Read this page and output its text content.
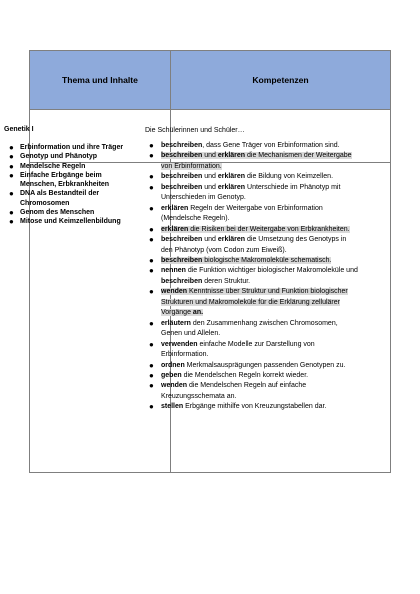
Thema und Inhalte	Kompetenzen
Genetik I
● Erbinformation und ihre Träger
● Genotyp und Phänotyp
● Mendelsche Regeln
● Einfache Erbgänge beim Menschen, Erbkrankheiten
● DNA als Bestandteil der Chromosomen
● Genom des Menschen
● Mitose und Keimzellenbildung
Die Schülerinnen und Schüler…
● beschreiben, dass Gene Träger von Erbinformation sind.
● beschreiben und erklären die Mechanismen der Weitergabe von Erbinformation.
● beschreiben und erklären die Bildung von Keimzellen.
● beschreiben und erklären Unterschiede im Phänotyp mit Unterschieden im Genotyp.
● erklären Regeln der Weitergabe von Erbinformation (Mendelsche Regeln).
● erklären die Risiken bei der Weitergabe von Erbkrankheiten.
● beschreiben und erklären die Umsetzung des Genotyps in den Phänotyp (vom Codon zum Eiweiß).
● beschreiben biologische Makromoleküle schematisch.
● nennen die Funktion wichtiger biologischer Makromoleküle und beschreiben deren Struktur.
● wenden Kenntnisse über Struktur und Funktion biologischer Strukturen und Makromoleküle für die Erklärung zellulärer Vorgänge an.
● erläutern den Zusammenhang zwischen Chromosomen, Genen und Allelen.
● verwenden einfache Modelle zur Darstellung von Erbinformation.
● ordnen Merkmalsausprägungen passenden Genotypen zu.
● geben die Mendelschen Regeln korrekt wieder.
● wenden die Mendelschen Regeln auf einfache Kreuzungsschemata an.
● stellen Erbgänge mithilfe von Kreuzungstabellen dar.
